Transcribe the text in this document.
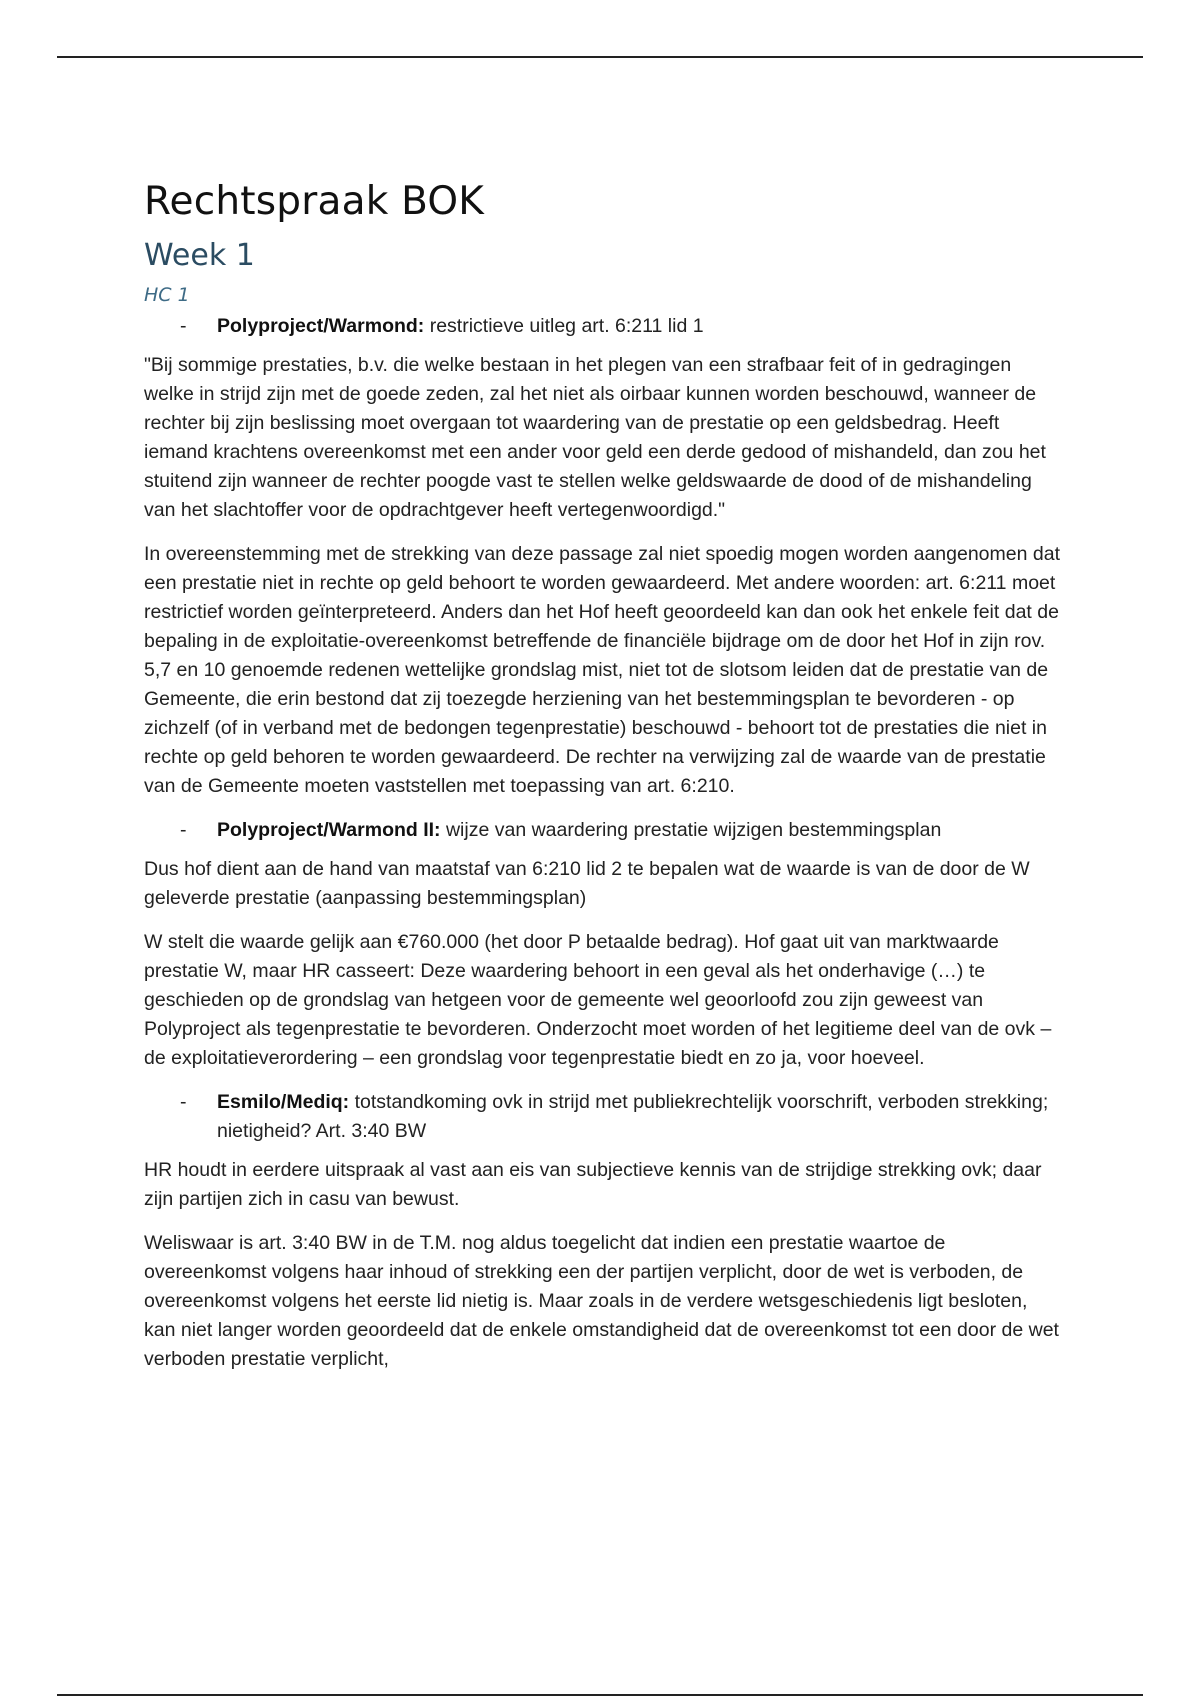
Rechtspraak BOK
Week 1
HC 1
- Polyproject/Warmond: restrictieve uitleg art. 6:211 lid 1

"Bij sommige prestaties, b.v. die welke bestaan in het plegen van een strafbaar feit of in gedragingen welke in strijd zijn met de goede zeden, zal het niet als oirbaar kunnen worden beschouwd, wanneer de rechter bij zijn beslissing moet overgaan tot waardering van de prestatie op een geldsbedrag. Heeft iemand krachtens overeenkomst met een ander voor geld een derde gedood of mishandeld, dan zou het stuitend zijn wanneer de rechter poogde vast te stellen welke geldswaarde de dood of de mishandeling van het slachtoffer voor de opdrachtgever heeft vertegenwoordigd."

In overeenstemming met de strekking van deze passage zal niet spoedig mogen worden aangenomen dat een prestatie niet in rechte op geld behoort te worden gewaardeerd. Met andere woorden: art. 6:211 moet restrictief worden geïnterpreteerd. Anders dan het Hof heeft geoordeeld kan dan ook het enkele feit dat de bepaling in de exploitatie-overeenkomst betreffende de financiële bijdrage om de door het Hof in zijn rov. 5,7 en 10 genoemde redenen wettelijke grondslag mist, niet tot de slotsom leiden dat de prestatie van de Gemeente, die erin bestond dat zij toezegde herziening van het bestemmingsplan te bevorderen - op zichzelf (of in verband met de bedongen tegenprestatie) beschouwd - behoort tot de prestaties die niet in rechte op geld behoren te worden gewaardeerd. De rechter na verwijzing zal de waarde van de prestatie van de Gemeente moeten vaststellen met toepassing van art. 6:210.

- Polyproject/Warmond II: wijze van waardering prestatie wijzigen bestemmingsplan

Dus hof dient aan de hand van maatstaf van 6:210 lid 2 te bepalen wat de waarde is van de door de W geleverde prestatie (aanpassing bestemmingsplan)

W stelt die waarde gelijk aan €760.000 (het door P betaalde bedrag). Hof gaat uit van marktwaarde prestatie W, maar HR casseert: Deze waardering behoort in een geval als het onderhavige (…) te geschieden op de grondslag van hetgeen voor de gemeente wel geoorloofd zou zijn geweest van Polyproject als tegenprestatie te bevorderen. Onderzocht moet worden of het legitieme deel van de ovk – de exploitatieverordering – een grondslag voor tegenprestatie biedt en zo ja, voor hoeveel.

- Esmilo/Mediq: totstandkoming ovk in strijd met publiekrechtelijk voorschrift, verboden strekking; nietigheid? Art. 3:40 BW

HR houdt in eerdere uitspraak al vast aan eis van subjectieve kennis van de strijdige strekking ovk; daar zijn partijen zich in casu van bewust.

Weliswaar is art. 3:40 BW in de T.M. nog aldus toegelicht dat indien een prestatie waartoe de overeenkomst volgens haar inhoud of strekking een der partijen verplicht, door de wet is verboden, de overeenkomst volgens het eerste lid nietig is. Maar zoals in de verdere wetsgeschiedenis ligt besloten, kan niet langer worden geoordeeld dat de enkele omstandigheid dat de overeenkomst tot een door de wet verboden prestatie verplicht,
